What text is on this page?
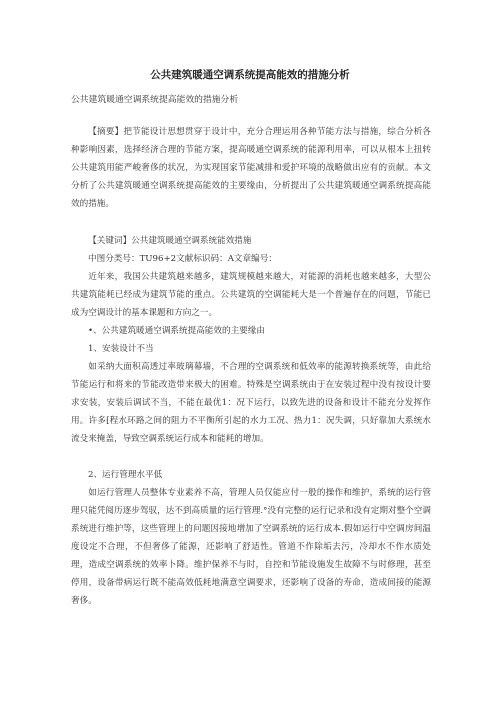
公共建筑暖通空调系统提高能效的措施分析
公共建筑暖通空调系统提高能效的措施分析

【摘要】把节能设计思想贯穿于设计中，充分合理运用各种节能方法与措施，综合分析各种影响因素，选择经济合理的节能方案，提高暖通空调系统的能源利用率，可以从根本上扭转公共建筑用能严峻奢侈的状况，为实现国家节能减排和爱护环境的战略做出应有的贡献。本文分析了公共建筑暖通空调系统提高能效的主要缘由，分析提出了公共建筑暖通空调系统提高能效的措施。

【关键词】公共建筑暖通空调系统能效措施

中图分类号：TU96+2文献标识码：A文章编号：

近年来，我国公共建筑越来越多，建筑规模越来越大，对能源的消耗也越来越多，大型公共建筑能耗已经成为建筑节能的重点。公共建筑的空调能耗大是一个普遍存在的问题，节能已成为空调设计的基本课题和方向之一。

•、公共建筑暖通空调系统提高能效的主要缘由
1、安装设计不当

如采纳大面积高透过率玻璃幕墙，不合理的空调系统和低效率的能源转换系统等，由此给节能运行和将来的节能改造带来极大的困难。特殊是空调系统由于在安装过程中没有按设计要求安装，安装后调试不当，不能在最优1：况下运行，以致先进的设备和设计不能充分发挥作用。许多[程水环路之间的阻力不平衡所引起的水力工况、热力1：况失调，只好靠加大系统水流殳来掩盖，导致空调系统运行成本和能耗的增加。

2、运行管理水平低

如运行管理人员整体专业素养不高，管理人员仅能应付一般的操作和维护，系统的运行管理只能凭阅历逐步驾驭，达不到高质量的运行管理.°没有完整的运行记录和没有定期对整个空调系统进行维护等，这些管理上的问题因接地增加了空调系统的运行成本.假如运行中空调房间温度设定不合理，不但奢侈了能源，还影响了舒适性。管道不作除垢去污，冷却水不作水质处理，造成空调系统的效率卜降。维护保养不与时，自控和节能设施发生故障不与时修理，甚至停用，设备带病运行既不能高效低耗地满意空调要求，还影响了设备的寿命，造成间接的能源奢侈。
